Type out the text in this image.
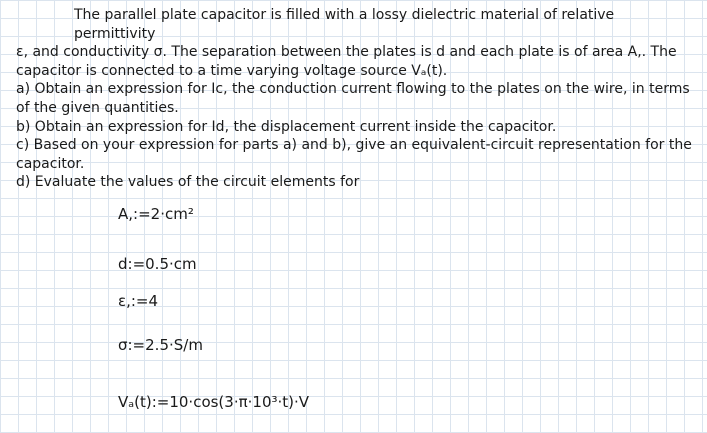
The parallel plate capacitor is filled with a lossy dielectric material of relative permittivity

ε, and conductivity σ. The separation between the plates is d and each plate is of area A,. The

capacitor is connected to a time varying voltage source Vₐ(t).

a) Obtain an expression for Ic, the conduction current flowing to the plates on the wire, in terms

of the given quantities.

b) Obtain an expression for Id, the displacement current inside the capacitor.

c) Based on your expression for parts a) and b), give an equivalent-circuit representation for the

capacitor.

d) Evaluate the values of the circuit elements for

A,:=2·cm²
d:=0.5·cm
ε,:=4
σ:=2.5·S/m
Vₐ(t):=10·cos(3·π·10³·t)·V
